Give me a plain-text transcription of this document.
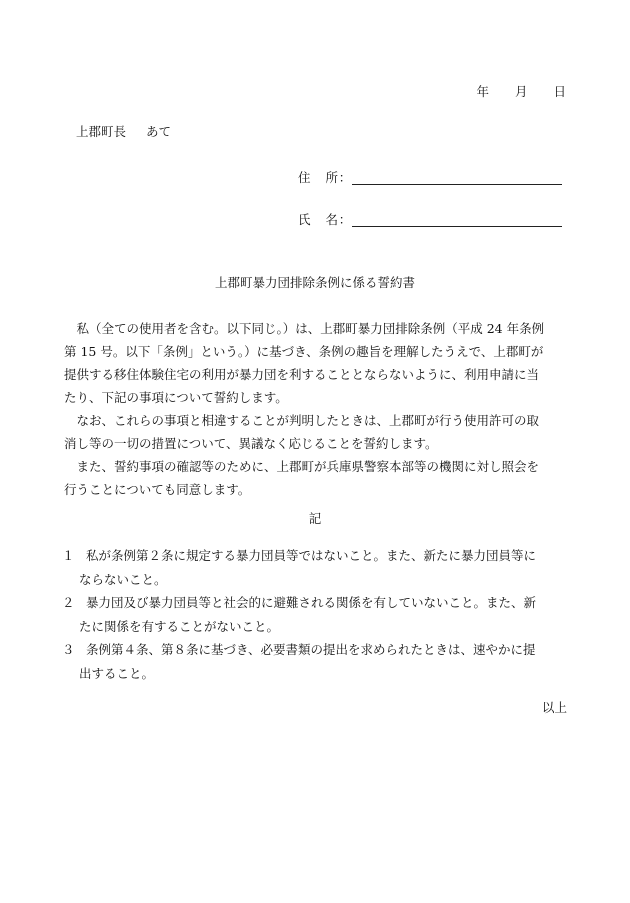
年 月 日
上郡町長 あて
住 所 ：
氏 名 ：
上郡町暴力団排除条例に係る誓約書
　私（全ての使用者を含む。以下同じ。）は、上郡町暴力団排除条例（平成 24 年条例
第 15 号。以下「条例」という。）に基づき、条例の趣旨を理解したうえで、上郡町が
提供する移住体験住宅の利用が暴力団を利することとならないように、利用申請に当
たり、下記の事項について誓約します。
　なお、これらの事項と相違することが判明したときは、上郡町が行う使用許可の取
消し等の一切の措置について、異議なく応じることを誓約します。
　また、誓約事項の確認等のために、上郡町が兵庫県警察本部等の機関に対し照会を
行うことについても同意します。
記
１ 私が条例第２条に規定する暴力団員等ではないこと。また、新たに暴力団員等に
ならないこと。
２ 暴力団及び暴力団員等と社会的に避難される関係を有していないこと。また、新
たに関係を有することがないこと。
３ 条例第４条、第８条に基づき、必要書類の提出を求められたときは、速やかに提
出すること。
以上
